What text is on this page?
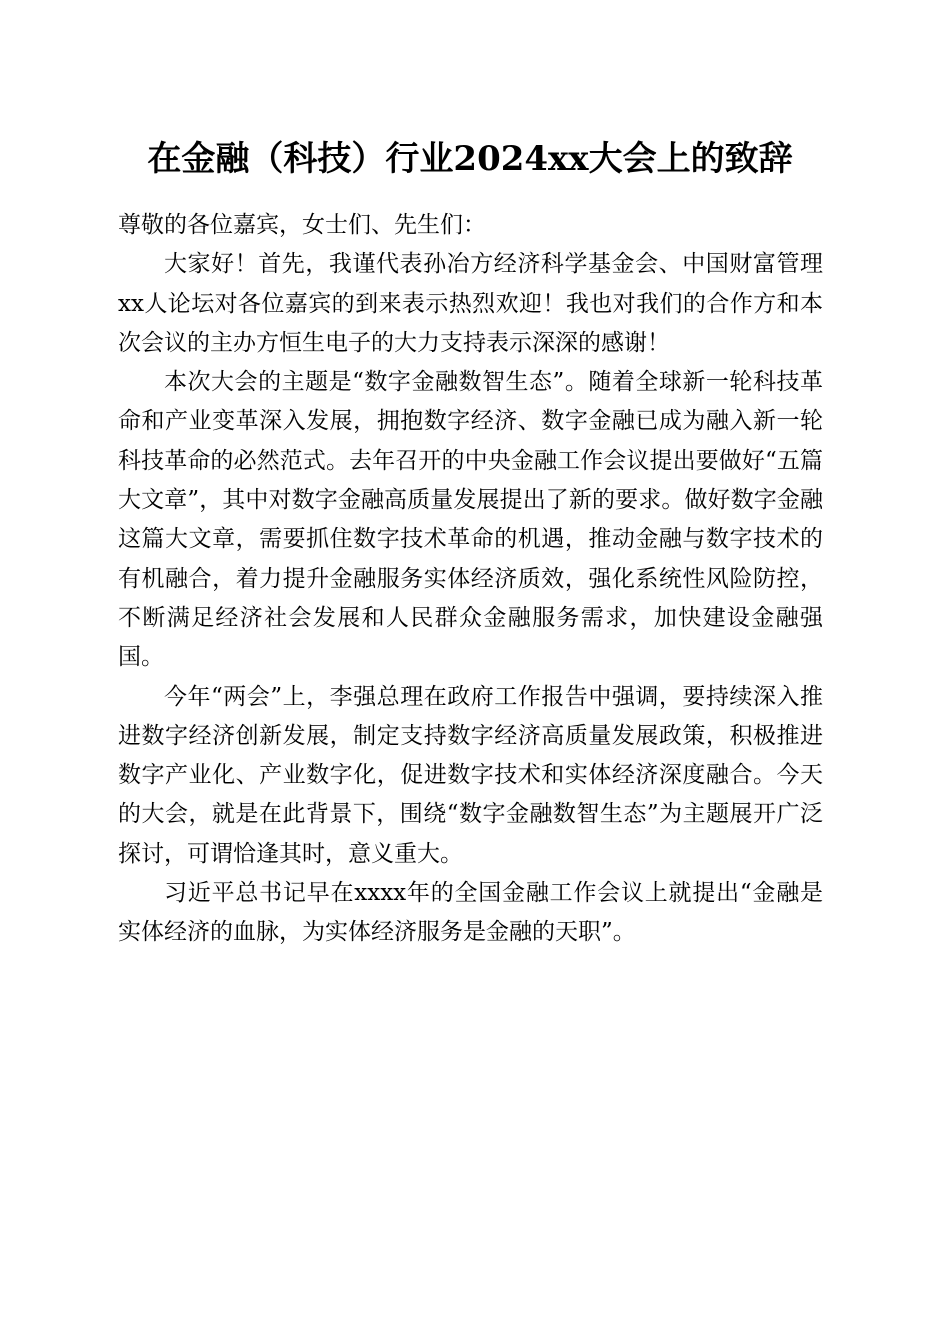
在金融（科技）行业2024xx大会上的致辞

尊敬的各位嘉宾，女士们、先生们：

大家好！首先，我谨代表孙冶方经济科学基金会、中国财富管理xx人论坛对各位嘉宾的到来表示热烈欢迎！我也对我们的合作方和本次会议的主办方恒生电子的大力支持表示深深的感谢！

本次大会的主题是“数字金融数智生态”。随着全球新一轮科技革命和产业变革深入发展，拥抱数字经济、数字金融已成为融入新一轮科技革命的必然范式。去年召开的中央金融工作会议提出要做好“五篇大文章”，其中对数字金融高质量发展提出了新的要求。做好数字金融这篇大文章，需要抓住数字技术革命的机遇，推动金融与数字技术的有机融合，着力提升金融服务实体经济质效，强化系统性风险防控，不断满足经济社会发展和人民群众金融服务需求，加快建设金融强国。

今年“两会”上，李强总理在政府工作报告中强调，要持续深入推进数字经济创新发展，制定支持数字经济高质量发展政策，积极推进数字产业化、产业数字化，促进数字技术和实体经济深度融合。今天的大会，就是在此背景下，围绕“数字金融数智生态”为主题展开广泛探讨，可谓恰逢其时，意义重大。

习近平总书记早在xxxx年的全国金融工作会议上就提出“金融是实体经济的血脉，为实体经济服务是金融的天职”。
